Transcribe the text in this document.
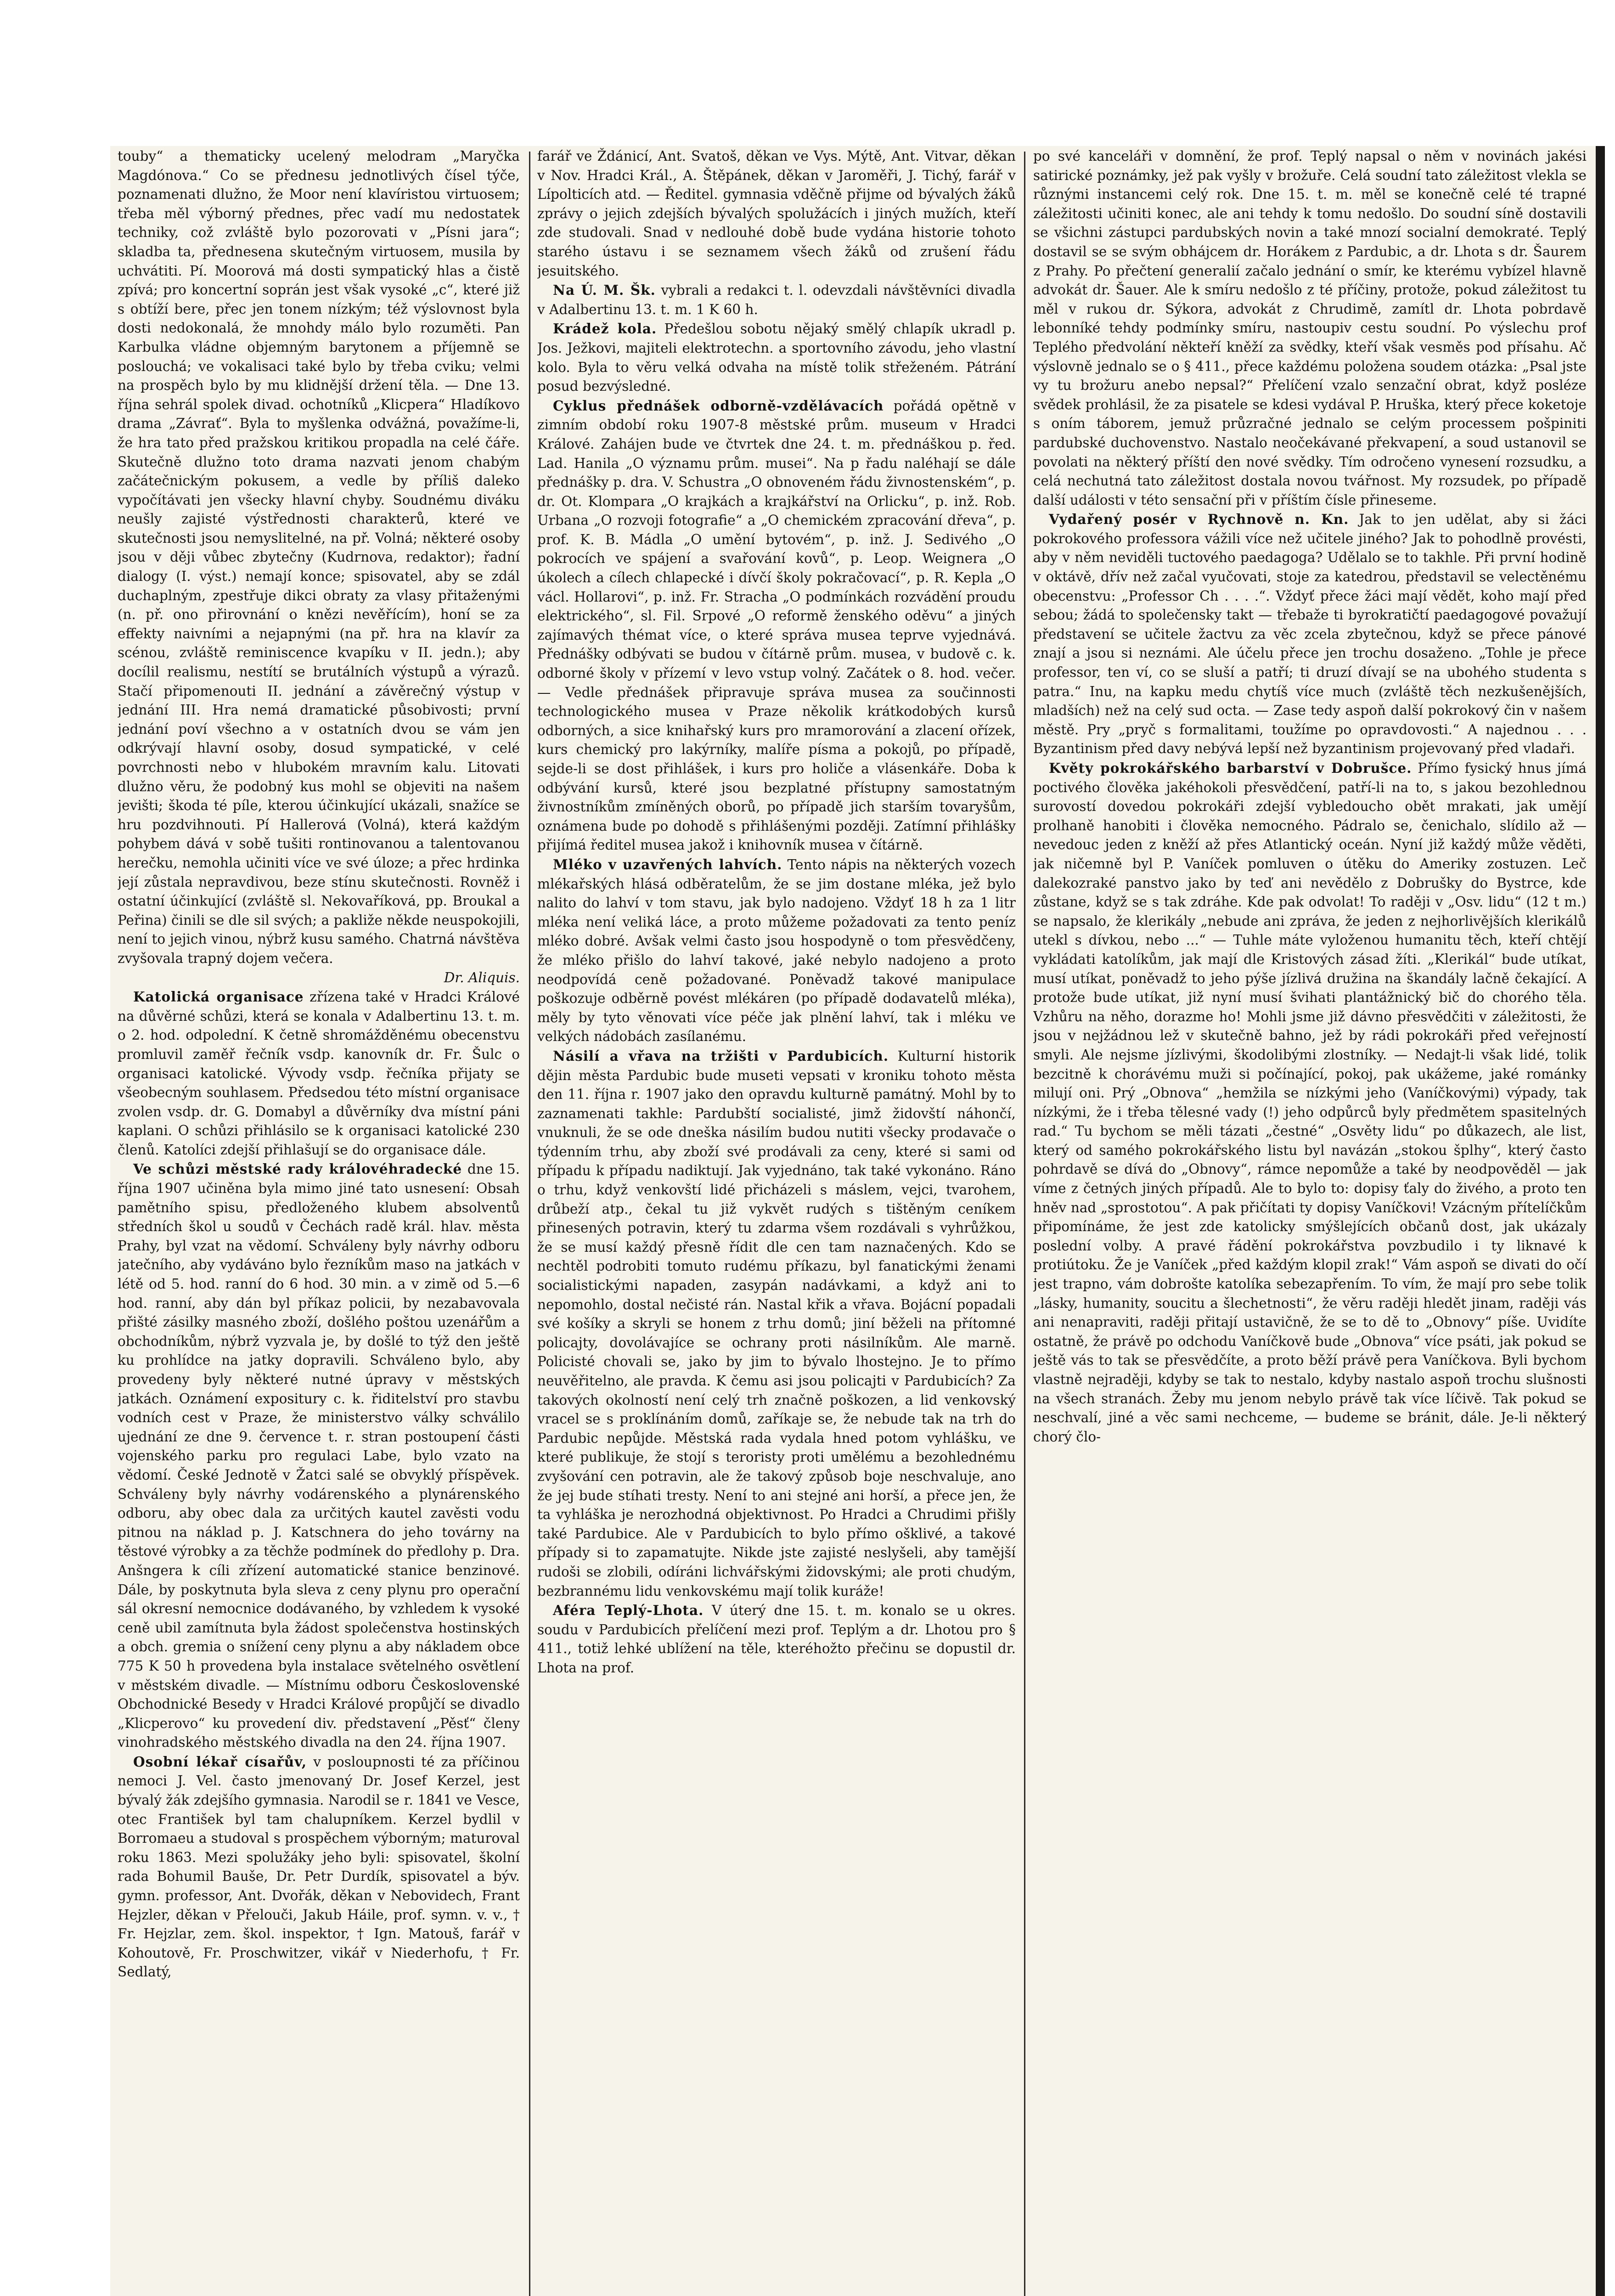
touby“ a thematicky ucelený melodram „Maryčka Magdónova.“ Co se přednesu jednotlivých čísel týče, poznamenati dlužno, že Moor není klavíristou virtuosem; třeba měl výborný přednes, přec vadí mu nedostatek techniky, což zvláště bylo pozorovati v „Písni jara“; skladba ta, přednesena skutečným virtuosem, musila by uchvátiti. Pí. Moorová má dosti sympatický hlas a čistě zpívá; pro koncertní soprán jest však vysoké „c“, které již s obtíží bere, přec jen tonem nízkým; též výslovnost byla dosti nedokonalá, že mnohdy málo bylo rozuměti. Pan Karbulka vládne objemným barytonem a příjemně se poslouchá; ve vokalisaci také bylo by třeba cviku; velmi na prospěch bylo by mu klidnější držení těla. — Dne 13. října sehrál spolek divad. ochotníků „Klicpera“ Hladíkovo drama „Závrať“. Byla to myšlenka odvážná, považíme-li, že hra tato před pražskou kritikou propadla na celé čáře. Skutečně dlužno toto drama nazvati jenom chabým začátečnickým pokusem, a vedle by příliš daleko vypočítávati jen všecky hlavní chyby. Soudnému diváku neušly zajisté výstřednosti charakterů, které ve skutečnosti jsou nemyslitelné, na př. Volná; některé osoby jsou v ději vůbec zbytečny (Kudrnova, redaktor); řadní dialogy (I. výst.) nemají konce; spisovatel, aby se zdál duchaplným, zpestřuje dikci obraty za vlasy přitaženými (n. př. ono přirovnání o knězi nevěřícím), honí se za effekty naivními a nejapnými (na př. hra na klavír za scénou, zvláště reminiscence kvapíku v II. jedn.); aby docílil realismu, nestítí se brutálních výstupů a výrazů. Stačí připomenouti II. jednání a závěrečný výstup v jednání III. Hra nemá dramatické působivosti; první jednání poví všechno a v ostatních dvou se vám jen odkrývají hlavní osoby, dosud sympatické, v celé povrchnosti nebo v hlubokém mravním kalu. Litovati dlužno věru, že podobný kus mohl se objeviti na našem jevišti; škoda té píle, kterou účinkující ukázali, snažíce se hru pozdvihnouti. Pí Hallerová (Volná), která každým pohybem dává v sobě tušiti rontinovanou a talentovanou herečku, nemohla učiniti více ve své úloze; a přec hrdinka její zůstala nepravdivou, beze stínu skutečnosti. Rovněž i ostatní účinkující (zvláště sl. Nekovaříková, pp. Broukal a Peřina) činili se dle sil svých; a pakliže někde neuspokojili, není to jejich vinou, nýbrž kusu samého. Chatrná návštěva zvyšovala trapný dojem večera.
Dr. Aliquis.

Katolická organisace zřízena také v Hradci Králové na důvěrné schůzi, která se konala v Adalbertinu 13. t. m. o 2. hod. odpolední. K četně shromážděnému obecenstvu promluvil zaměř řečník vsdp. kanovník dr. Fr. Šulc o organisaci katolické. Vývody vsdp. řečníka přijaty se všeobecným souhlasem. Předsedou této místní organisace zvolen vsdp. dr. G. Domabyl a důvěrníky dva místní páni kaplani. O schůzi přihlásilo se k organisaci katolické 230 členů. Katolíci zdejší přihlašují se do organisace dále.

Ve schůzi městské rady královéhradecké dne 15. října 1907 učiněna byla mimo jiné tato usnesení: Obsah pamětního spisu, předloženého klubem absolventů středních škol u soudů v Čechách radě král. hlav. města Prahy, byl vzat na vědomí. Schváleny byly návrhy odboru jatečního, aby vydáváno bylo řezníkům maso na jatkách v létě od 5. hod. ranní do 6 hod. 30 min. a v zimě od 5.—6 hod. ranní, aby dán byl příkaz policii, by nezabavovala přišté zásilky masného zboží, došlého poštou uzenářům a obchodníkům, nýbrž vyzvala je, by došlé to týž den ještě ku prohlídce na jatky dopravili. Schváleno bylo, aby provedeny byly některé nutné úpravy v městských jatkách. Oznámení expositury c. k. řiditelství pro stavbu vodních cest v Praze, že ministerstvo války schválilo ujednání ze dne 9. července t. r. stran postoupení části vojenského parku pro regulaci Labe, bylo vzato na vědomí. České Jednotě v Žatci salé se obvyklý příspěvek. Schváleny byly návrhy vodárenského a plynárenského odboru, aby obec dala za určitých kautel zavěsti vodu pitnou na náklad p. J. Katschnera do jeho továrny na těstové výrobky a za těchže podmínek do předlohy p. Dra. Anšngera k cíli zřízení automatické stanice benzinové. Dále, by poskytnuta byla sleva z ceny plynu pro operační sál okresní nemocnice dodávaného, by vzhledem k vysoké ceně ubil zamítnuta byla žádost společenstva hostinských a obch. gremia o snížení ceny plynu a aby nákladem obce 775 K 50 h provedena byla instalace světelného osvětlení v městském divadle. — Místnímu odboru Československé Obchodnické Besedy v Hradci Králové propůjčí se divadlo „Klicperovo“ ku provedení div. představení „Pěsť“ členy vinohradského městského divadla na den 24. října 1907.

Osobní lékař císařův, v posloupnosti té za příčinou nemoci J. Vel. často jmenovaný Dr. Josef Kerzel, jest bývalý žák zdejšího gymnasia. Narodil se r. 1841 ve Vesce, otec František byl tam chalupníkem. Kerzel bydlil v Borromaeu a studoval s prospěchem výborným; maturoval roku 1863. Mezi spolužáky jeho byli: spisovatel, školní rada Bohumil Bauše, Dr. Petr Durdík, spisovatel a býv. gymn. professor, Ant. Dvořák, děkan v Nebovidech, Frant Hejzler, děkan v Přelouči, Jakub Háile, prof. symn. v. v., † Fr. Hejzlar, zem. škol. inspektor, † Ign. Matouš, farář v Kohoutově, Fr. Proschwitzer, vikář v Niederhofu, † Fr. Sedlatý,

farář ve Ždánicí, Ant. Svatoš, děkan ve Vys. Mýtě, Ant. Vitvar, děkan v Nov. Hradci Král., A. Štěpánek, děkan v Jaroměři, J. Tichý, farář v Lípolticích atd. — Ředitel. gymnasia vděčně přijme od bývalých žáků zprávy o jejich zdejších bývalých spolužácích i jiných mužích, kteří zde studovali. Snad v nedlouhé době bude vydána historie tohoto starého ústavu i se seznamem všech žáků od zrušení řádu jesuitského.

Na Ú. M. Šk. vybrali a redakci t. l. odevzdali návštěvníci divadla v Adalbertinu 13. t. m. 1 K 60 h.

Krádež kola. Předešlou sobotu nějaký smělý chlapík ukradl p. Jos. Ježkovi, majiteli elektrotechn. a sportovního závodu, jeho vlastní kolo. Byla to věru velká odvaha na místě tolik střeženém. Pátrání posud bezvýsledné.

Cyklus přednášek odborně-vzdělávacích pořádá opětně v zimním období roku 1907-8 městské prům. museum v Hradci Králové. Zahájen bude ve čtvrtek dne 24. t. m. přednáškou p. řed. Lad. Hanila „O významu prům. musei“. Na p řadu naléhají se dále přednášky p. dra. V. Schustra „O obnoveném řádu živnostenském“, p. dr. Ot. Klompara „O krajkách a krajkářství na Orlicku“, p. inž. Rob. Urbana „O rozvoji fotografie“ a „O chemickém zpracování dřeva“, p. prof. K. B. Mádla „O umění bytovém“, p. inž. J. Sedivého „O pokrocích ve spájení a svařování kovů“, p. Leop. Weignera „O úkolech a cílech chlapecké i dívčí školy pokračovací“, p. R. Kepla „O václ. Hollarovi“, p. inž. Fr. Stracha „O podmínkách rozvádění proudu elektrického“, sl. Fil. Srpové „O reformě ženského oděvu“ a jiných zajímavých thémat více, o které správa musea teprve vyjednává. Přednášky odbývati se budou v čítárně prům. musea, v budově c. k. odborné školy v přízemí v levo vstup volný. Začátek o 8. hod. večer. — Vedle přednášek připravuje správa musea za součinnosti technologického musea v Praze několik krátkodobých kursů odborných, a sice knihařský kurs pro mramorování a zlacení ořízek, kurs chemický pro lakýrníky, malíře písma a pokojů, po případě, sejde-li se dost přihlášek, i kurs pro holiče a vlásenkáře. Doba k odbývání kursů, které jsou bezplatné přístupny samostatným živnostníkům zmíněných oborů, po případě jich starším tovaryšům, oznámena bude po dohodě s přihlášenými později. Zatímní přihlášky přijímá ředitel musea jakož i knihovník musea v čítárně.

Mléko v uzavřených lahvích. Tento nápis na některých vozech mlékařských hlásá odběratelům, že se jim dostane mléka, jež bylo nalito do lahví v tom stavu, jak bylo nadojeno. Vždyť 18 h za 1 litr mléka není veliká láce, a proto můžeme požadovati za tento peníz mléko dobré. Avšak velmi často jsou hospodyně o tom přesvědčeny, že mléko přišlo do lahví takové, jaké nebylo nadojeno a proto neodpovídá ceně požadované. Poněvadž takové manipulace poškozuje odběrně povést mlékáren (po případě dodavatelů mléka), měly by tyto věnovati více péče jak plnění lahví, tak i mléku ve velkých nádobách zasílanému.

Násilí a vřava na tržišti v Pardubicích. Kulturní historik dějin města Pardubic bude museti vepsati v kroniku tohoto města den 11. října r. 1907 jako den opravdu kulturně památný. Mohl by to zaznamenati takhle: Pardubští socialisté, jimž židovští náhončí, vnuknuli, že se ode dneška násilím budou nutiti všecky prodavače o týdenním trhu, aby zboží své prodávali za ceny, které si sami od případu k případu nadiktují. Jak vyjednáno, tak také vykonáno. Ráno o trhu, když venkovští lidé přicházeli s máslem, vejci, tvarohem, drůbeží atp., čekal tu již vykvět rudých s tištěným ceníkem přinesených potravin, který tu zdarma všem rozdávali s vyhrůžkou, že se musí každý přesně řídit dle cen tam naznačených. Kdo se nechtěl podrobiti tomuto rudému příkazu, byl fanatickými ženami socialistickými napaden, zasypán nadávkami, a když ani to nepomohlo, dostal nečisté rán. Nastal křik a vřava. Bojácní popadali své košíky a skryli se honem z trhu domů; jiní běželi na přítomné policajty, dovolávajíce se ochrany proti násilníkům. Ale marně. Policisté chovali se, jako by jim to bývalo lhostejno. Je to přímo neuvěřitelno, ale pravda. K čemu asi jsou policajti v Pardubicích? Za takových okolností není celý trh značně poškozen, a lid venkovský vracel se s proklínáním domů, zaříkaje se, že nebude tak na trh do Pardubic nepůjde. Městská rada vydala hned potom vyhlášku, ve které publikuje, že stojí s teroristy proti umělému a bezohlednému zvyšování cen potravin, ale že takový způsob boje neschvaluje, ano že jej bude stíhati tresty. Není to ani stejné ani horší, a přece jen, že ta vyhláška je nerozhodná objektivnost. Po Hradci a Chrudimi přišly také Pardubice. Ale v Pardubicích to bylo přímo ošklivé, a takové případy si to zapamatujte. Nikde jste zajisté neslyšeli, aby tamější rudoši se zlobili, odíráni lichvářskými židovskými; ale proti chudým, bezbrannému lidu venkovskému mají tolik kuráže!

Aféra Teplý-Lhota. V úterý dne 15. t. m. konalo se u okres. soudu v Pardubicích přelíčení mezi prof. Teplým a dr. Lhotou pro § 411., totiž lehké ublížení na těle, kteréhožto přečinu se dopustil dr. Lhota na prof.

po své kanceláři v domnění, že prof. Teplý napsal o něm v novinách jakési satirické poznámky, jež pak vyšly v brožuře. Celá soudní tato záležitost vlekla se různými instancemi celý rok. Dne 15. t. m. měl se konečně celé té trapné záležitosti učiniti konec, ale ani tehdy k tomu nedošlo. Do soudní síně dostavili se všichni zástupci pardubských novin a také mnozí socialní demokraté. Teplý dostavil se se svým obhájcem dr. Horákem z Pardubic, a dr. Lhota s dr. Šaurem z Prahy. Po přečtení generalií začalo jednání o smír, ke kterému vybízel hlavně advokát dr. Šauer. Ale k smíru nedošlo z té příčiny, protože, pokud záležitost tu měl v rukou dr. Sýkora, advokát z Chrudimě, zamítl dr. Lhota pobrdavě lebonníké tehdy podmínky smíru, nastoupiv cestu soudní. Po výslechu prof Teplého předvolání někteří kněží za svědky, kteří však vesměs pod přísahu. Ač výslovně jednalo se o § 411., přece každému položena soudem otázka: „Psal jste vy tu brožuru anebo nepsal?“ Přelíčení vzalo senzační obrat, když posléze svědek prohlásil, že za pisatele se kdesi vydával P. Hruška, který přece koketoje s oním táborem, jemuž průzračné jednalo se celým processem pošpiniti pardubské duchovenstvo. Nastalo neočekávané překvapení, a soud ustanovil se povolati na některý příští den nové svědky. Tím odročeno vynesení rozsudku, a celá nechutná tato záležitost dostala novou tvářnost. My rozsudek, po případě další události v této sensační při v příštím čísle přineseme.

Vydařený posér v Rychnově n. Kn. Jak to jen udělat, aby si žáci pokrokového professora vážili více než učitele jiného? Jak to pohodlně provésti, aby v něm neviděli tuctového paedagoga? Udělalo se to takhle. Při první hodině v oktávě, dřív než začal vyučovati, stoje za katedrou, představil se velectěnému obecenstvu: „Professor Ch . . . .“. Vždyť přece žáci mají vědět, koho mají před sebou; žádá to společensky takt — třebaže ti byrokratičtí paedagogové považují představení se učitele žactvu za věc zcela zbytečnou, když se přece pánové znají a jsou si neznámi. Ale účelu přece jen trochu dosaženo. „Tohle je přece professor, ten ví, co se sluší a patří; ti druzí dívají se na ubohého studenta s patra.“ Inu, na kapku medu chytíš více much (zvláště těch nezkušenějších, mladších) než na celý sud octa. — Zase tedy aspoň další pokrokový čin v našem městě. Pry „pryč s formalitami, toužíme po opravdovosti.“ A najednou . . . Byzantinism před davy nebývá lepší než byzantinism projevovaný před vladaři.

Květy pokrokářského barbarství v Dobrušce. Přímo fysický hnus jímá poctivého člověka jakéhokoli přesvědčení, patří-li na to, s jakou bezohlednou surovostí dovedou pokrokáři zdejší vybledoucho obět mrakati, jak umějí prolhaně hanobiti i člověka nemocného. Pádralo se, čenichalo, slídilo až — nevedouc jeden z kněží až přes Atlantický oceán. Nyní již každý může věděti, jak ničemně byl P. Vaníček pomluven o útěku do Ameriky zostuzen. Leč dalekozraké panstvo jako by teď ani nevědělo z Dobrušky do Bystrce, kde zůstane, když se s tak zdráhe. Kde pak odvolat! To raději v „Osv. lidu“ (12 t m.) se napsalo, že klerikály „nebude ani zpráva, že jeden z nejhorlivějších klerikálů utekl s dívkou, nebo ...“ — Tuhle máte vyloženou humanitu těch, kteří chtějí vykládati katolíkům, jak mají dle Kristových zásad žíti. „Klerikál“ bude utíkat, musí utíkat, poněvadž to jeho pýše jízlivá družina na škandály lačně čekající. A protože bude utíkat, již nyní musí švihati plantážnický bič do chorého těla. Vzhůru na něho, dorazme ho! Mohli jsme již dávno přesvědčiti v záležitosti, že jsou v nejžádnou lež v skutečně bahno, jež by rádi pokrokáři před veřejností smyli. Ale nejsme jízlivými, škodolibými zlostníky. — Nedajt-li však lidé, tolik bezcitně k chorávému muži si počínající, pokoj, pak ukážeme, jaké románky milují oni. Prý „Obnova“ „hemžila se nízkými jeho (Vaníčkovými) výpady, tak nízkými, že i třeba tělesné vady (!) jeho odpůrců byly předmětem spasitelných rad.“ Tu bychom se měli tázati „čestné“ „Osvěty lidu“ po důkazech, ale list, který od samého pokrokářského listu byl navázán „stokou šplhy“, který často pohrdavě se dívá do „Obnovy“, rámce nepomůže a také by neodpověděl — jak víme z četných jiných případů. Ale to bylo to: dopisy ťaly do živého, a proto ten hněv nad „sprostotou“. A pak přičítati ty dopisy Vaníčkovi! Vzácným přítelíčkům připomínáme, že jest zde katolicky smýšlejících občanů dost, jak ukázaly poslední volby. A pravé řádění pokrokářstva povzbudilo i ty liknavé k protiútoku. Že je Vaníček „před každým klopil zrak!“ Vám aspoň se divati do očí jest trapno, vám dobrošte katolíka sebezapřením. To vím, že mají pro sebe tolik „lásky, humanity, soucitu a šlechetnosti“, že věru raději hledět jinam, raději vás ani nenapraviti, raději přitají ustavičně, že se to dě to „Obnovy“ píše. Uvidíte ostatně, že právě po odchodu Vaníčkově bude „Obnova“ více psáti, jak pokud se ještě vás to tak se přesvědčíte, a proto běží právě pera Vaníčkova. Byli bychom vlastně nejraději, kdyby se tak to nestalo, kdyby nastalo aspoň trochu slušnosti na všech stranách. Žeby mu jenom nebylo právě tak více líčivě. Tak pokud se neschvalí, jiné a věc sami nechceme, — budeme se bránit, dále. Je-li některý chorý člo-
